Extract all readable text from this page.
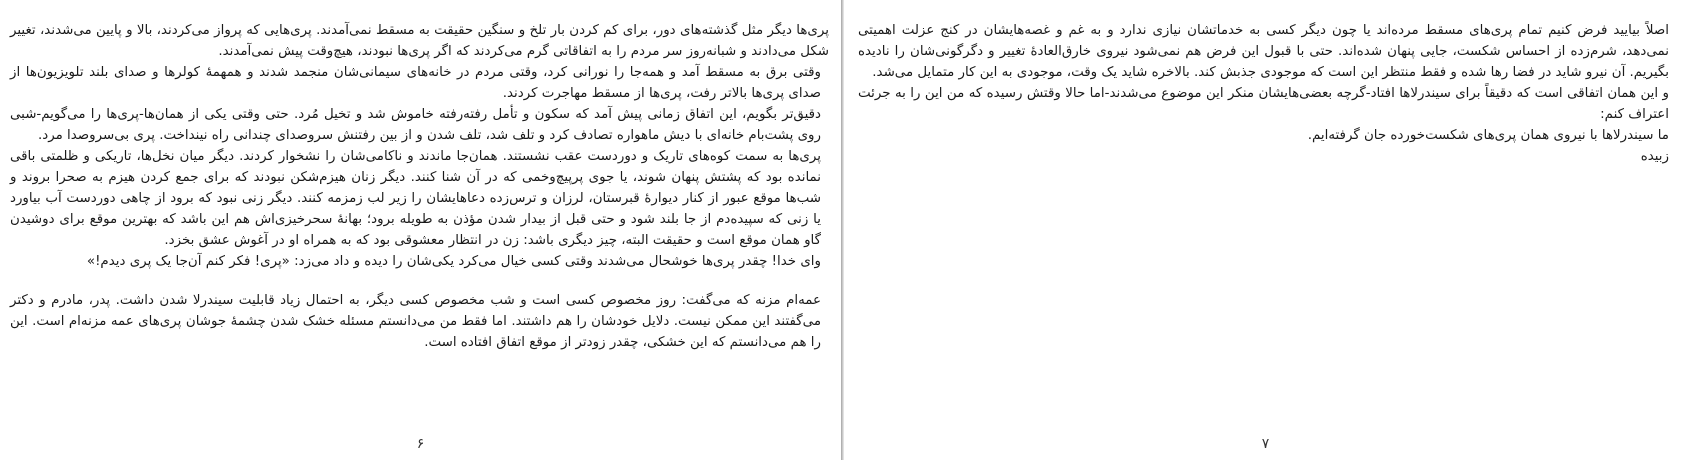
اصلاً بیایید فرض کنیم تمام پری‌های مسقط مرده‌اند یا چون دیگر کسی به خدماتشان نیازی ندارد و به غم و غصه‌هایشان در کنج عزلت اهمیتی نمی‌دهد، شرم‌زده از احساس شکست، جایی پنهان شده‌اند. حتی با قبول این فرض هم نمی‌شود نیروی خارق‌العادهٔ تغییر و دگرگونی‌شان را نادیده بگیریم. آن نیرو شاید در فضا رها شده و فقط منتظر این است که موجودی جذبش کند. بالاخره شاید یک وقت، موجودی به این کار متمایل می‌شد.

و این همان اتفاقی است که دقیقاً برای سیندرلاها افتاد-گرچه بعضی‌هایشان منکر این موضوع می‌شدند-اما حالا وقتش رسیده که من این را به جرئت اعتراف کنم:

ما سیندرلاها با نیروی همان پری‌های شکست‌خورده جان گرفته‌ایم.

زبیده

۷

پری‌ها دیگر مثل گذشته‌های دور، برای کم کردن بار تلخ و سنگین حقیقت به مسقط نمی‌آمدند. پری‌هایی که پرواز می‌کردند، بالا و پایین می‌شدند، تغییر شکل می‌دادند و شبانه‌روز سر مردم را به اتفاقاتی گرم می‌کردند که اگر پری‌ها نبودند، هیچ‌وقت پیش نمی‌آمدند.

وقتی برق به مسقط آمد و همه‌جا را نورانی کرد، وقتی مردم در خانه‌های سیمانی‌شان منجمد شدند و همهمهٔ کولرها و صدای بلند تلویزیون‌ها از صدای پری‌ها بالاتر رفت، پری‌ها از مسقط مهاجرت کردند.

دقیق‌تر بگویم، این اتفاق زمانی پیش آمد که سکون و تأمل رفته‌رفته خاموش شد و تخیل مُرد. حتی وقتی یکی از همان‌ها-پری‌ها را می‌گویم-شبی روی پشت‌بام خانه‌ای با دیش ماهواره تصادف کرد و تلف شد، تلف شدن و از بین رفتنش سروصدای چندانی راه نینداخت. پری بی‌سروصدا مرد.

پری‌ها به سمت کوه‌های تاریک و دوردست عقب نشستند. همان‌جا ماندند و ناکامی‌شان را نشخوار کردند. دیگر میان نخل‌ها، تاریکی و ظلمتی باقی نمانده بود که پشتش پنهان شوند، یا جوی پرپیچ‌وخمی که در آن شنا کنند. دیگر زنان هیزم‌شکن نبودند که برای جمع کردن هیزم به صحرا بروند و شب‌ها موقع عبور از کنار دیوارهٔ قبرستان، لرزان و ترس‌زده دعاهایشان را زیر لب زمزمه کنند. دیگر زنی نبود که برود از چاهی دوردست آب بیاورد یا زنی که سپیده‌دم از جا بلند شود و حتی قبل از بیدار شدن مؤذن به طویله برود؛ بهانهٔ سحرخیزی‌اش هم این باشد که بهترین موقع برای دوشیدن گاو همان موقع است و حقیقت البته، چیز دیگری باشد: زن در انتظار معشوقی بود که به همراه او در آغوش عشق بخزد.

وای خدا! چقدر پری‌ها خوشحال می‌شدند وقتی کسی خیال می‌کرد یکی‌شان را دیده و داد می‌زد: «پری! فکر کنم آن‌جا یک پری دیدم!»

عمه‌ام مزنه که می‌گفت: روز مخصوص کسی است و شب مخصوص کسی دیگر، به احتمال زیاد قابلیت سیندرلا شدن داشت. پدر، مادرم و دکتر می‌گفتند این ممکن نیست. دلایل خودشان را هم داشتند. اما فقط من می‌دانستم مسئله خشک شدن چشمهٔ جوشان پری‌های عمه مزنه‌ام است. این را هم می‌دانستم که این خشکی، چقدر زودتر از موقع اتفاق افتاده است.

۶
